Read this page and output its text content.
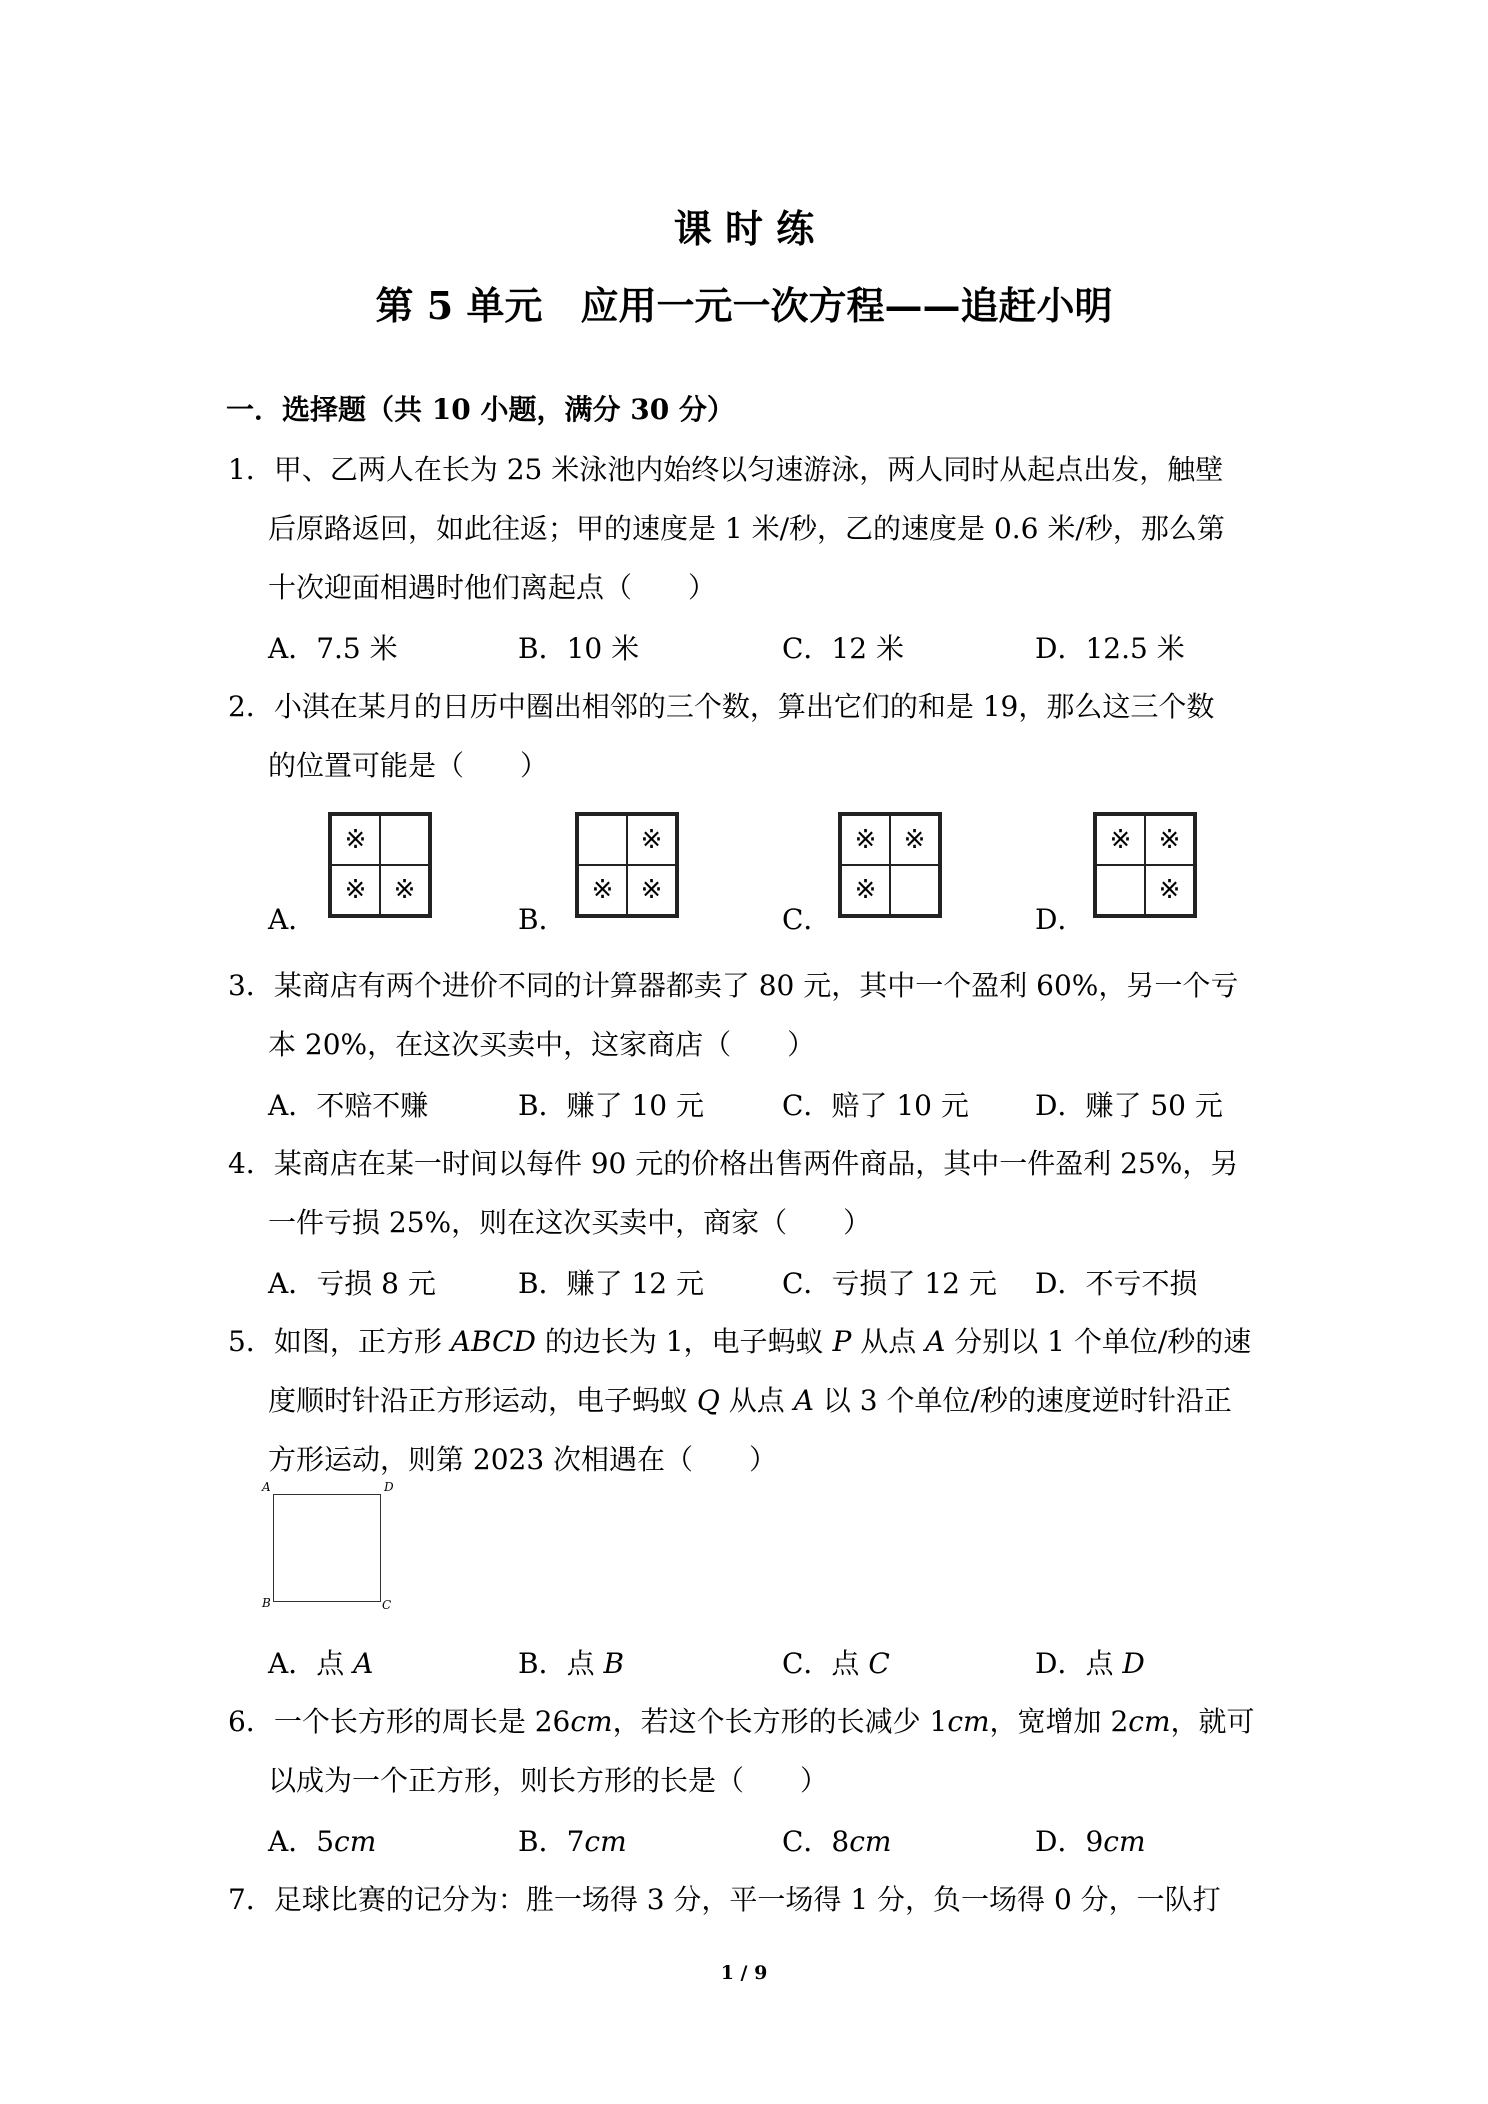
课 时 练
第 5 单元　应用一元一次方程——追赶小明
一．选择题（共 10 小题，满分 30 分）
1．甲、乙两人在长为 25 米泳池内始终以匀速游泳，两人同时从起点出发，触壁
后原路返回，如此往返；甲的速度是 1 米/秒，乙的速度是 0.6 米/秒，那么第
十次迎面相遇时他们离起点（　　）
A．7.5 米	B．10 米	C．12 米	D．12.5 米
2．小淇在某月的日历中圈出相邻的三个数，算出它们的和是 19，那么这三个数
的位置可能是（　　）
A．
※
※	※
B．
※
※	※
C．
※	※
※
D．
※	※
※
3．某商店有两个进价不同的计算器都卖了 80 元，其中一个盈利 60%，另一个亏
本 20%，在这次买卖中，这家商店（　　）
A．不赔不赚	B．赚了 10 元	C．赔了 10 元 D．赚了 50 元
4．某商店在某一时间以每件 90 元的价格出售两件商品，其中一件盈利 25%，另
一件亏损 25%，则在这次买卖中，商家（　　）
A．亏损 8 元	B．赚了 12 元	C．亏损了 12 元 D．不亏不损
5．如图，正方形 ABCD 的边长为 1，电子蚂蚁 P 从点 A 分别以 1 个单位/秒的速
度顺时针沿正方形运动，电子蚂蚁 Q 从点 A 以 3 个单位/秒的速度逆时针沿正
方形运动，则第 2023 次相遇在（　　）
A	D
B	C
A．点 A	B．点 B	C．点 C	D．点 D
6．一个长方形的周长是 26cm，若这个长方形的长减少 1cm，宽增加 2cm，就可
以成为一个正方形，则长方形的长是（　　）
A．5cm	B．7cm	C．8cm	D．9cm
7．足球比赛的记分为：胜一场得 3 分，平一场得 1 分，负一场得 0 分，一队打
1 / 9
